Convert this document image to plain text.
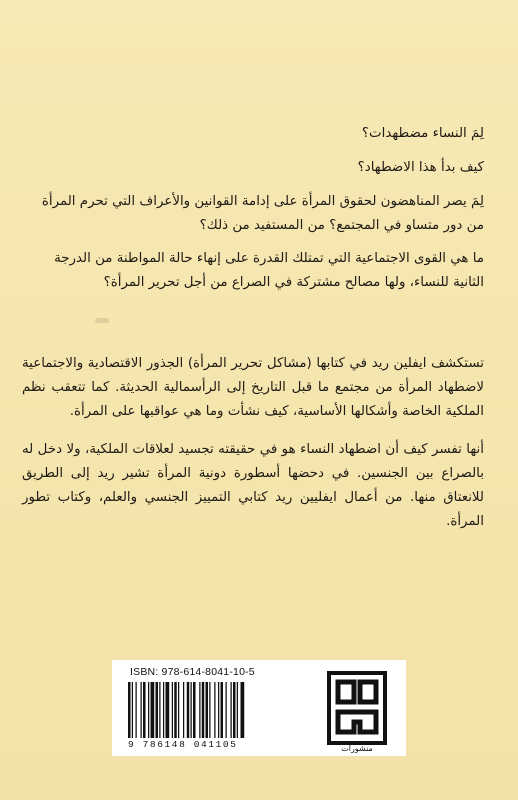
لِمَ النساء مضطهدات؟

كيف بدأ هذا الاضطهاد؟

لِمَ يصر المناهضون لحقوق المرأة على إدامة القوانين والأعراف التي تحرم المرأة من دور متساو في المجتمع؟ من المستفيد من ذلك؟

ما هي القوى الاجتماعية التي تمتلك القدرة على إنهاء حالة المواطنة من الدرجة الثانية للنساء، ولها مصالح مشتركة في الصراع من أجل تحرير المرأة؟

تستكشف ايفلين ريد في كتابها (مشاكل تحرير المرأة) الجذور الاقتصادية والاجتماعية لاضطهاد المرأة من مجتمع ما قبل التاريخ إلى الرأسمالية الحديثة. كما تتعقب نظم الملكية الخاصة وأشكالها الأساسية، كيف نشأت وما هي عواقبها على المرأة.

أنها تفسر كيف أن اضطهاد النساء هو في حقيقته تجسيد لعلاقات الملكية، ولا دخل له بالصراع بين الجنسين. في دحضها أسطورة دونية المرأة تشير ريد إلى الطريق للانعتاق منها. من أعمال ايفليين ريد كتابي التمييز الجنسي والعلم، وكتاب تطور المرأة.

ISBN: 978-614-8041-10-5
9 786148 041105	منشورات
